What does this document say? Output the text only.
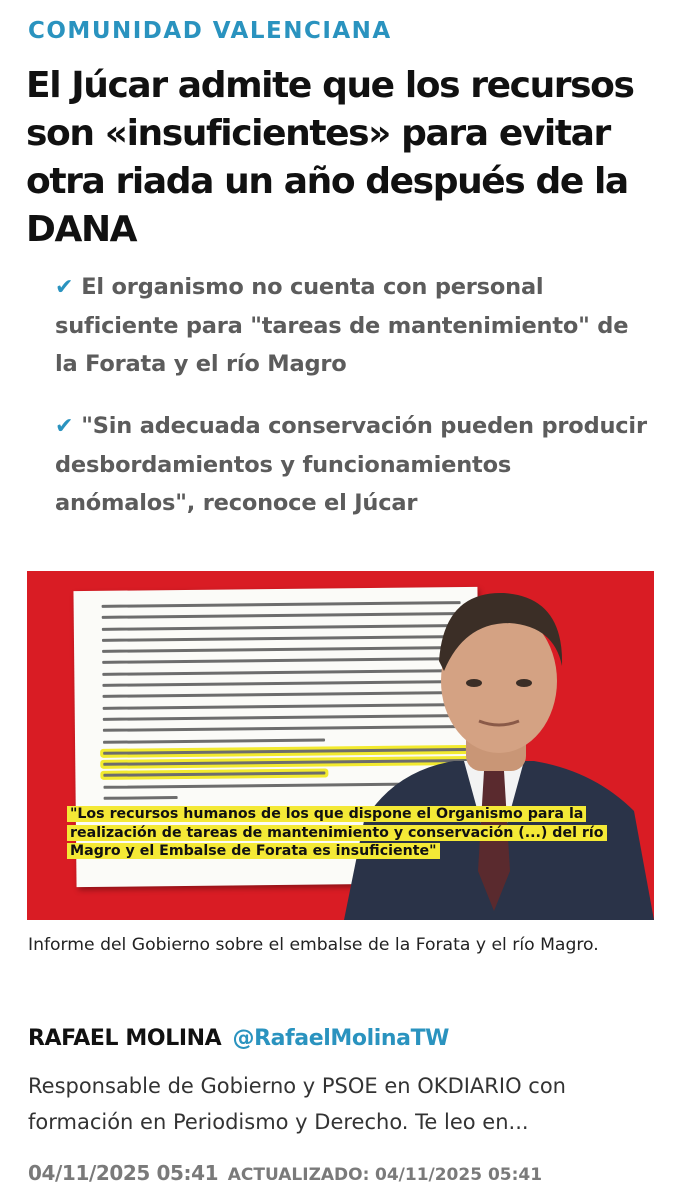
COMUNIDAD VALENCIANA
El Júcar admite que los recursos son «insuficientes» para evitar otra riada un año después de la DANA
✔ El organismo no cuenta con personal suficiente para "tareas de mantenimiento" de la Forata y el río Magro
✔ "Sin adecuada conservación pueden producir desbordamientos y funcionamientos anómalos", reconoce el Júcar
"Los recursos humanos de los que dispone el Organismo para la realización de tareas de mantenimiento y conservación (...) del río Magro y el Embalse de Forata es insuficiente"
Informe del Gobierno sobre el embalse de la Forata y el río Magro.
RAFAEL MOLINA @RafaelMolinaTW
Responsable de Gobierno y PSOE en OKDIARIO con formación en Periodismo y Derecho. Te leo en...
04/11/2025 05:41 ACTUALIZADO: 04/11/2025 05:41
